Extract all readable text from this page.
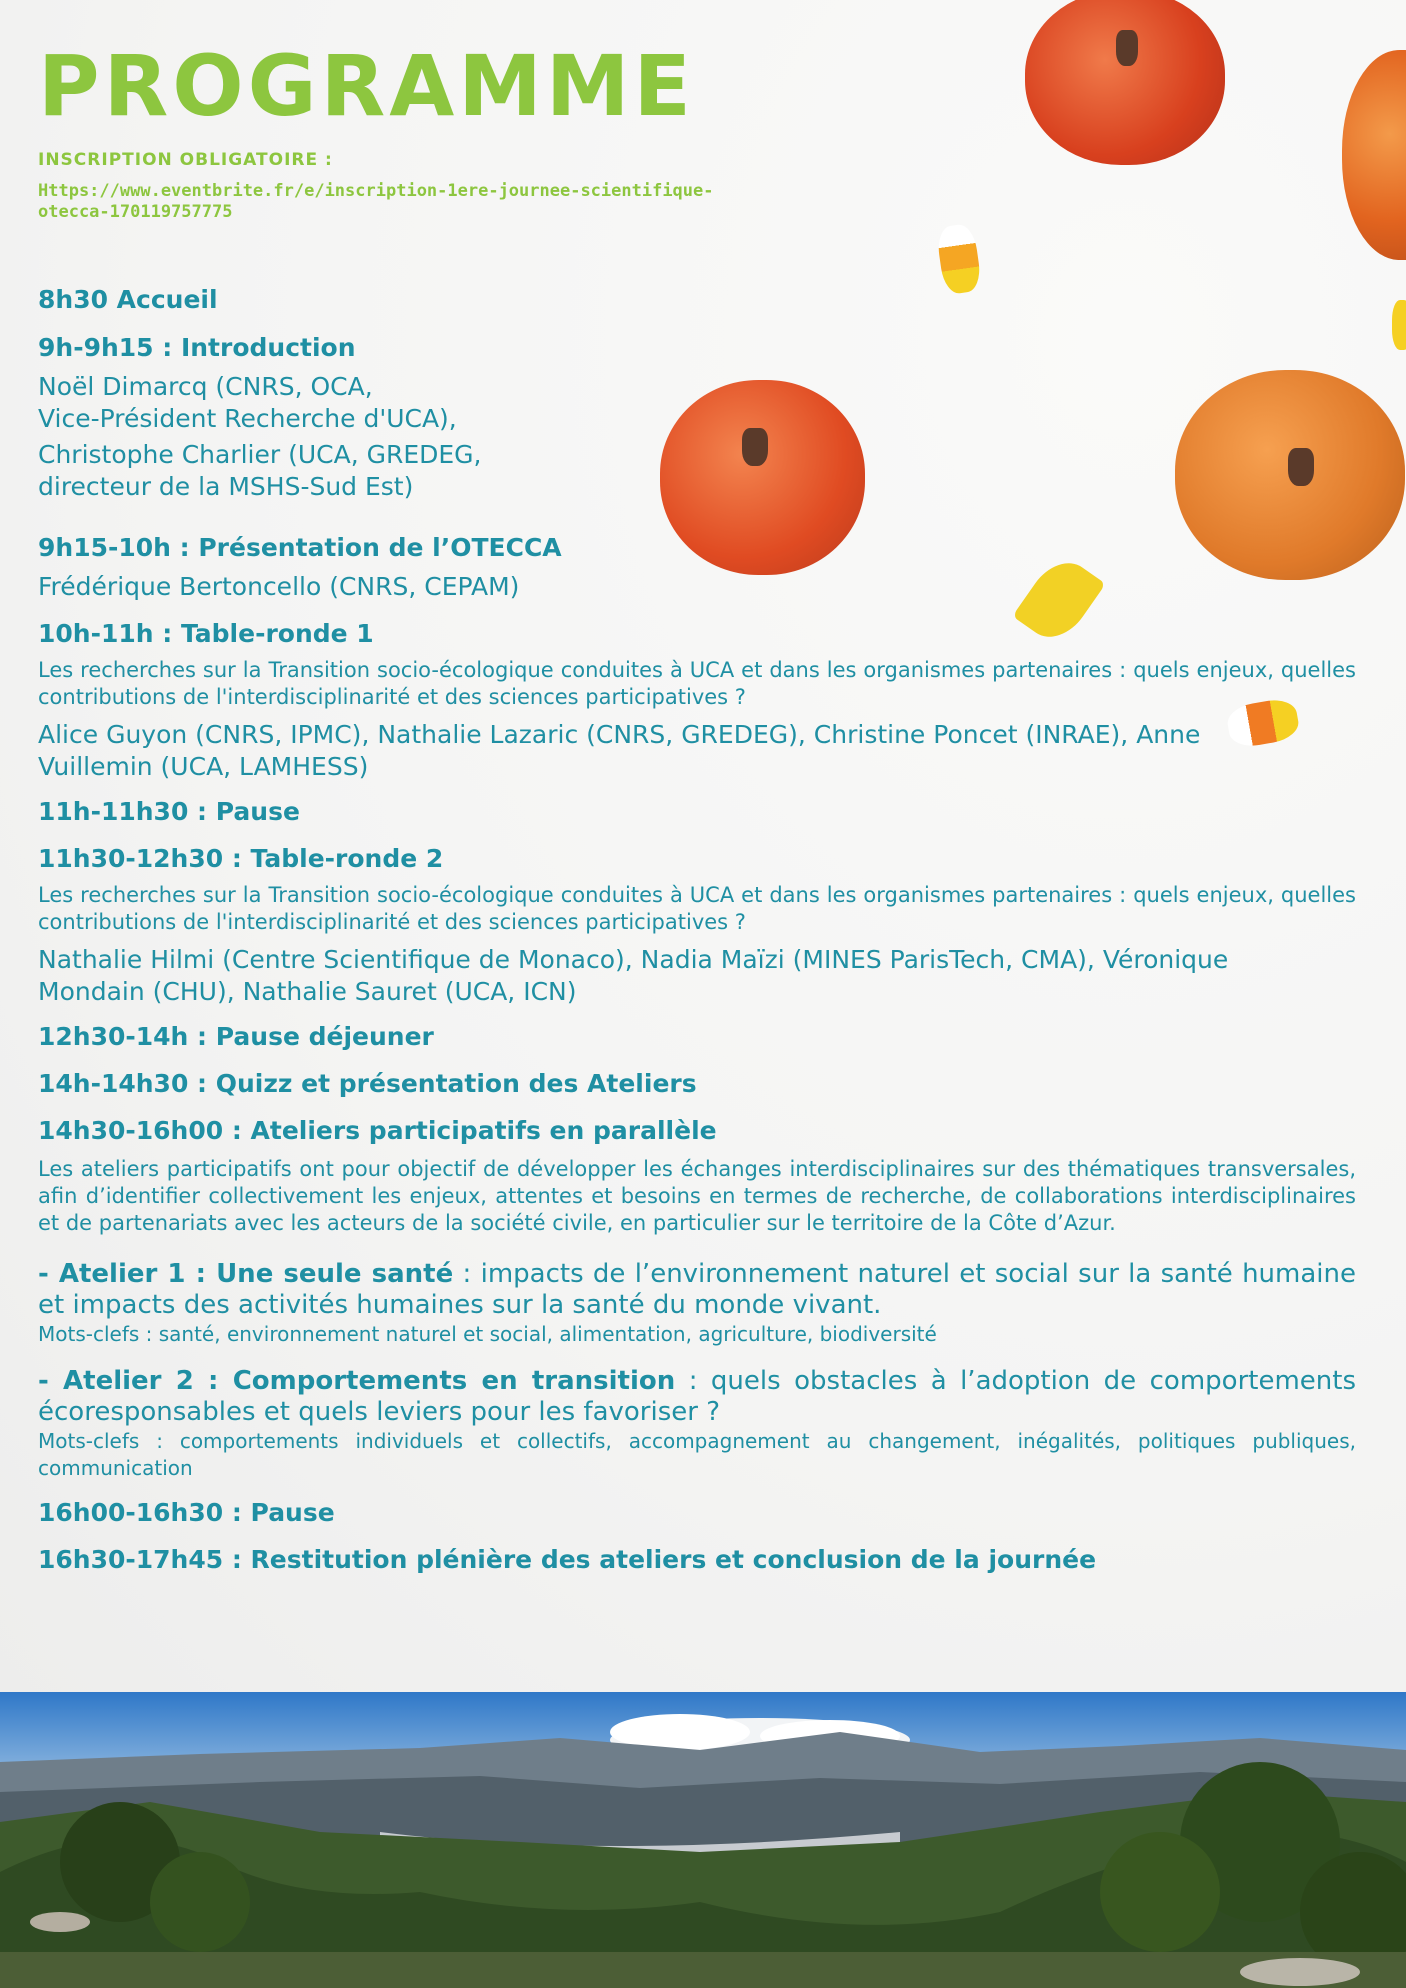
PROGRAMME
INSCRIPTION OBLIGATOIRE :
Https://www.eventbrite.fr/e/inscription-1ere-journee-scientifique-otecca-170119757775
8h30 Accueil
9h-9h15 : Introduction
Noël Dimarcq (CNRS, OCA,
Vice-Président Recherche d'UCA),
Christophe Charlier (UCA, GREDEG,
directeur de la MSHS-Sud Est)
9h15-10h : Présentation de l’OTECCA
Frédérique Bertoncello (CNRS, CEPAM)
10h-11h : Table-ronde 1
Les recherches sur la Transition socio-écologique conduites à UCA et dans les organismes partenaires : quels enjeux, quelles contributions de l'interdisciplinarité et des sciences participatives ?
Alice Guyon (CNRS, IPMC), Nathalie Lazaric (CNRS, GREDEG), Christine Poncet (INRAE), Anne Vuillemin (UCA, LAMHESS)
11h-11h30 : Pause
11h30-12h30 : Table-ronde 2
Les recherches sur la Transition socio-écologique conduites à UCA et dans les organismes partenaires : quels enjeux, quelles contributions de l'interdisciplinarité et des sciences participatives ?
Nathalie Hilmi (Centre Scientifique de Monaco), Nadia Maïzi (MINES ParisTech, CMA), Véronique Mondain (CHU), Nathalie Sauret (UCA, ICN)
12h30-14h : Pause déjeuner
14h-14h30 : Quizz et présentation des Ateliers
14h30-16h00 : Ateliers participatifs en parallèle
Les ateliers participatifs ont pour objectif de développer les échanges interdisciplinaires sur des thématiques transversales, afin d’identifier collectivement les enjeux, attentes et besoins en termes de recherche, de collaborations interdisciplinaires et de partenariats avec les acteurs de la société civile, en particulier sur le territoire de la Côte d’Azur.
- Atelier 1 : Une seule santé : impacts de l’environnement naturel et social sur la santé humaine et impacts des activités humaines sur la santé du monde vivant.
Mots-clefs : santé, environnement naturel et social, alimentation, agriculture, biodiversité
- Atelier 2 : Comportements en transition : quels obstacles à l’adoption de comportements écoresponsables et quels leviers pour les favoriser ?
Mots-clefs : comportements individuels et collectifs, accompagnement au changement, inégalités, politiques publiques, communication
16h00-16h30 : Pause
16h30-17h45 : Restitution plénière des ateliers et conclusion de la journée
